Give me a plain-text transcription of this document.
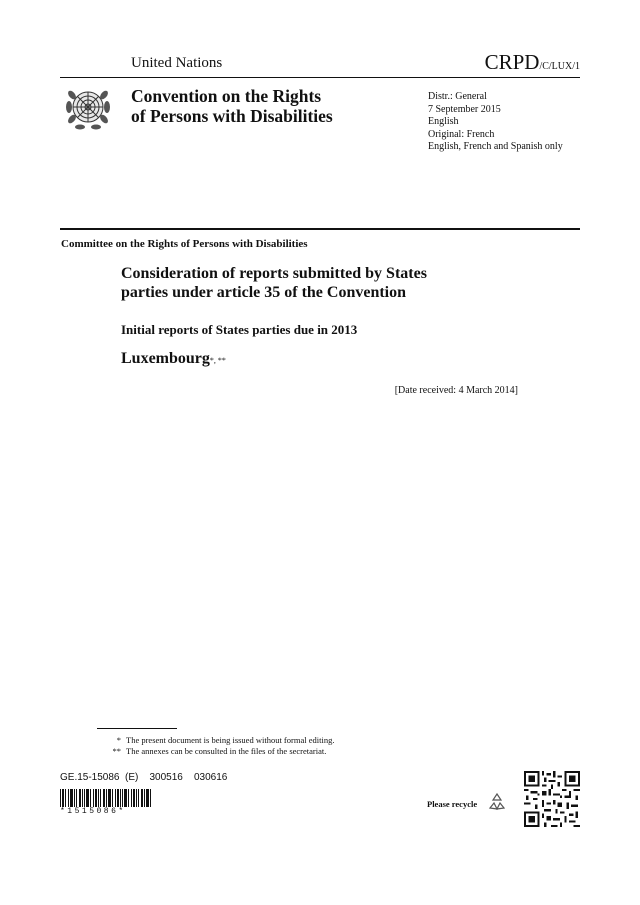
United Nations	CRPD/C/LUX/1
Convention on the Rights
of Persons with Disabilities
Distr.: General
7 September 2015
English
Original: French
English, French and Spanish only
Committee on the Rights of Persons with Disabilities
Consideration of reports submitted by States
parties under article 35 of the Convention
Initial reports of States parties due in 2013
Luxembourg*, **
[Date received: 4 March 2014]
* The present document is being issued without formal editing.
** The annexes can be consulted in the files of the secretariat.
GE.15-15086  (E)    300516    030616
*1515086*
Please recycle
